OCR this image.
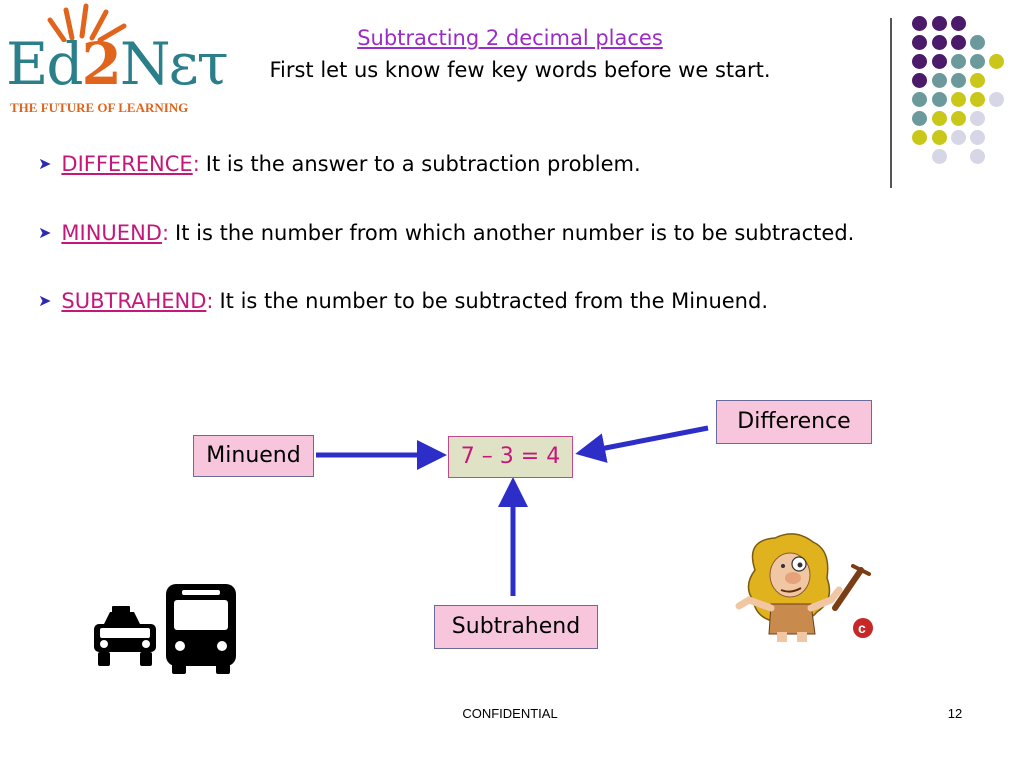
Ed2Nετ
THE FUTURE OF LEARNING
Subtracting 2 decimal places
First let us know few key words before we start.
➤ DIFFERENCE: It is the answer to a subtraction problem.
➤ MINUEND: It is the number from which another number is to be subtracted.
➤ SUBTRAHEND: It is the number to be subtracted from the Minuend.
Minuend	7 – 3 = 4
Difference
Subtrahend	c
CONFIDENTIAL	12
